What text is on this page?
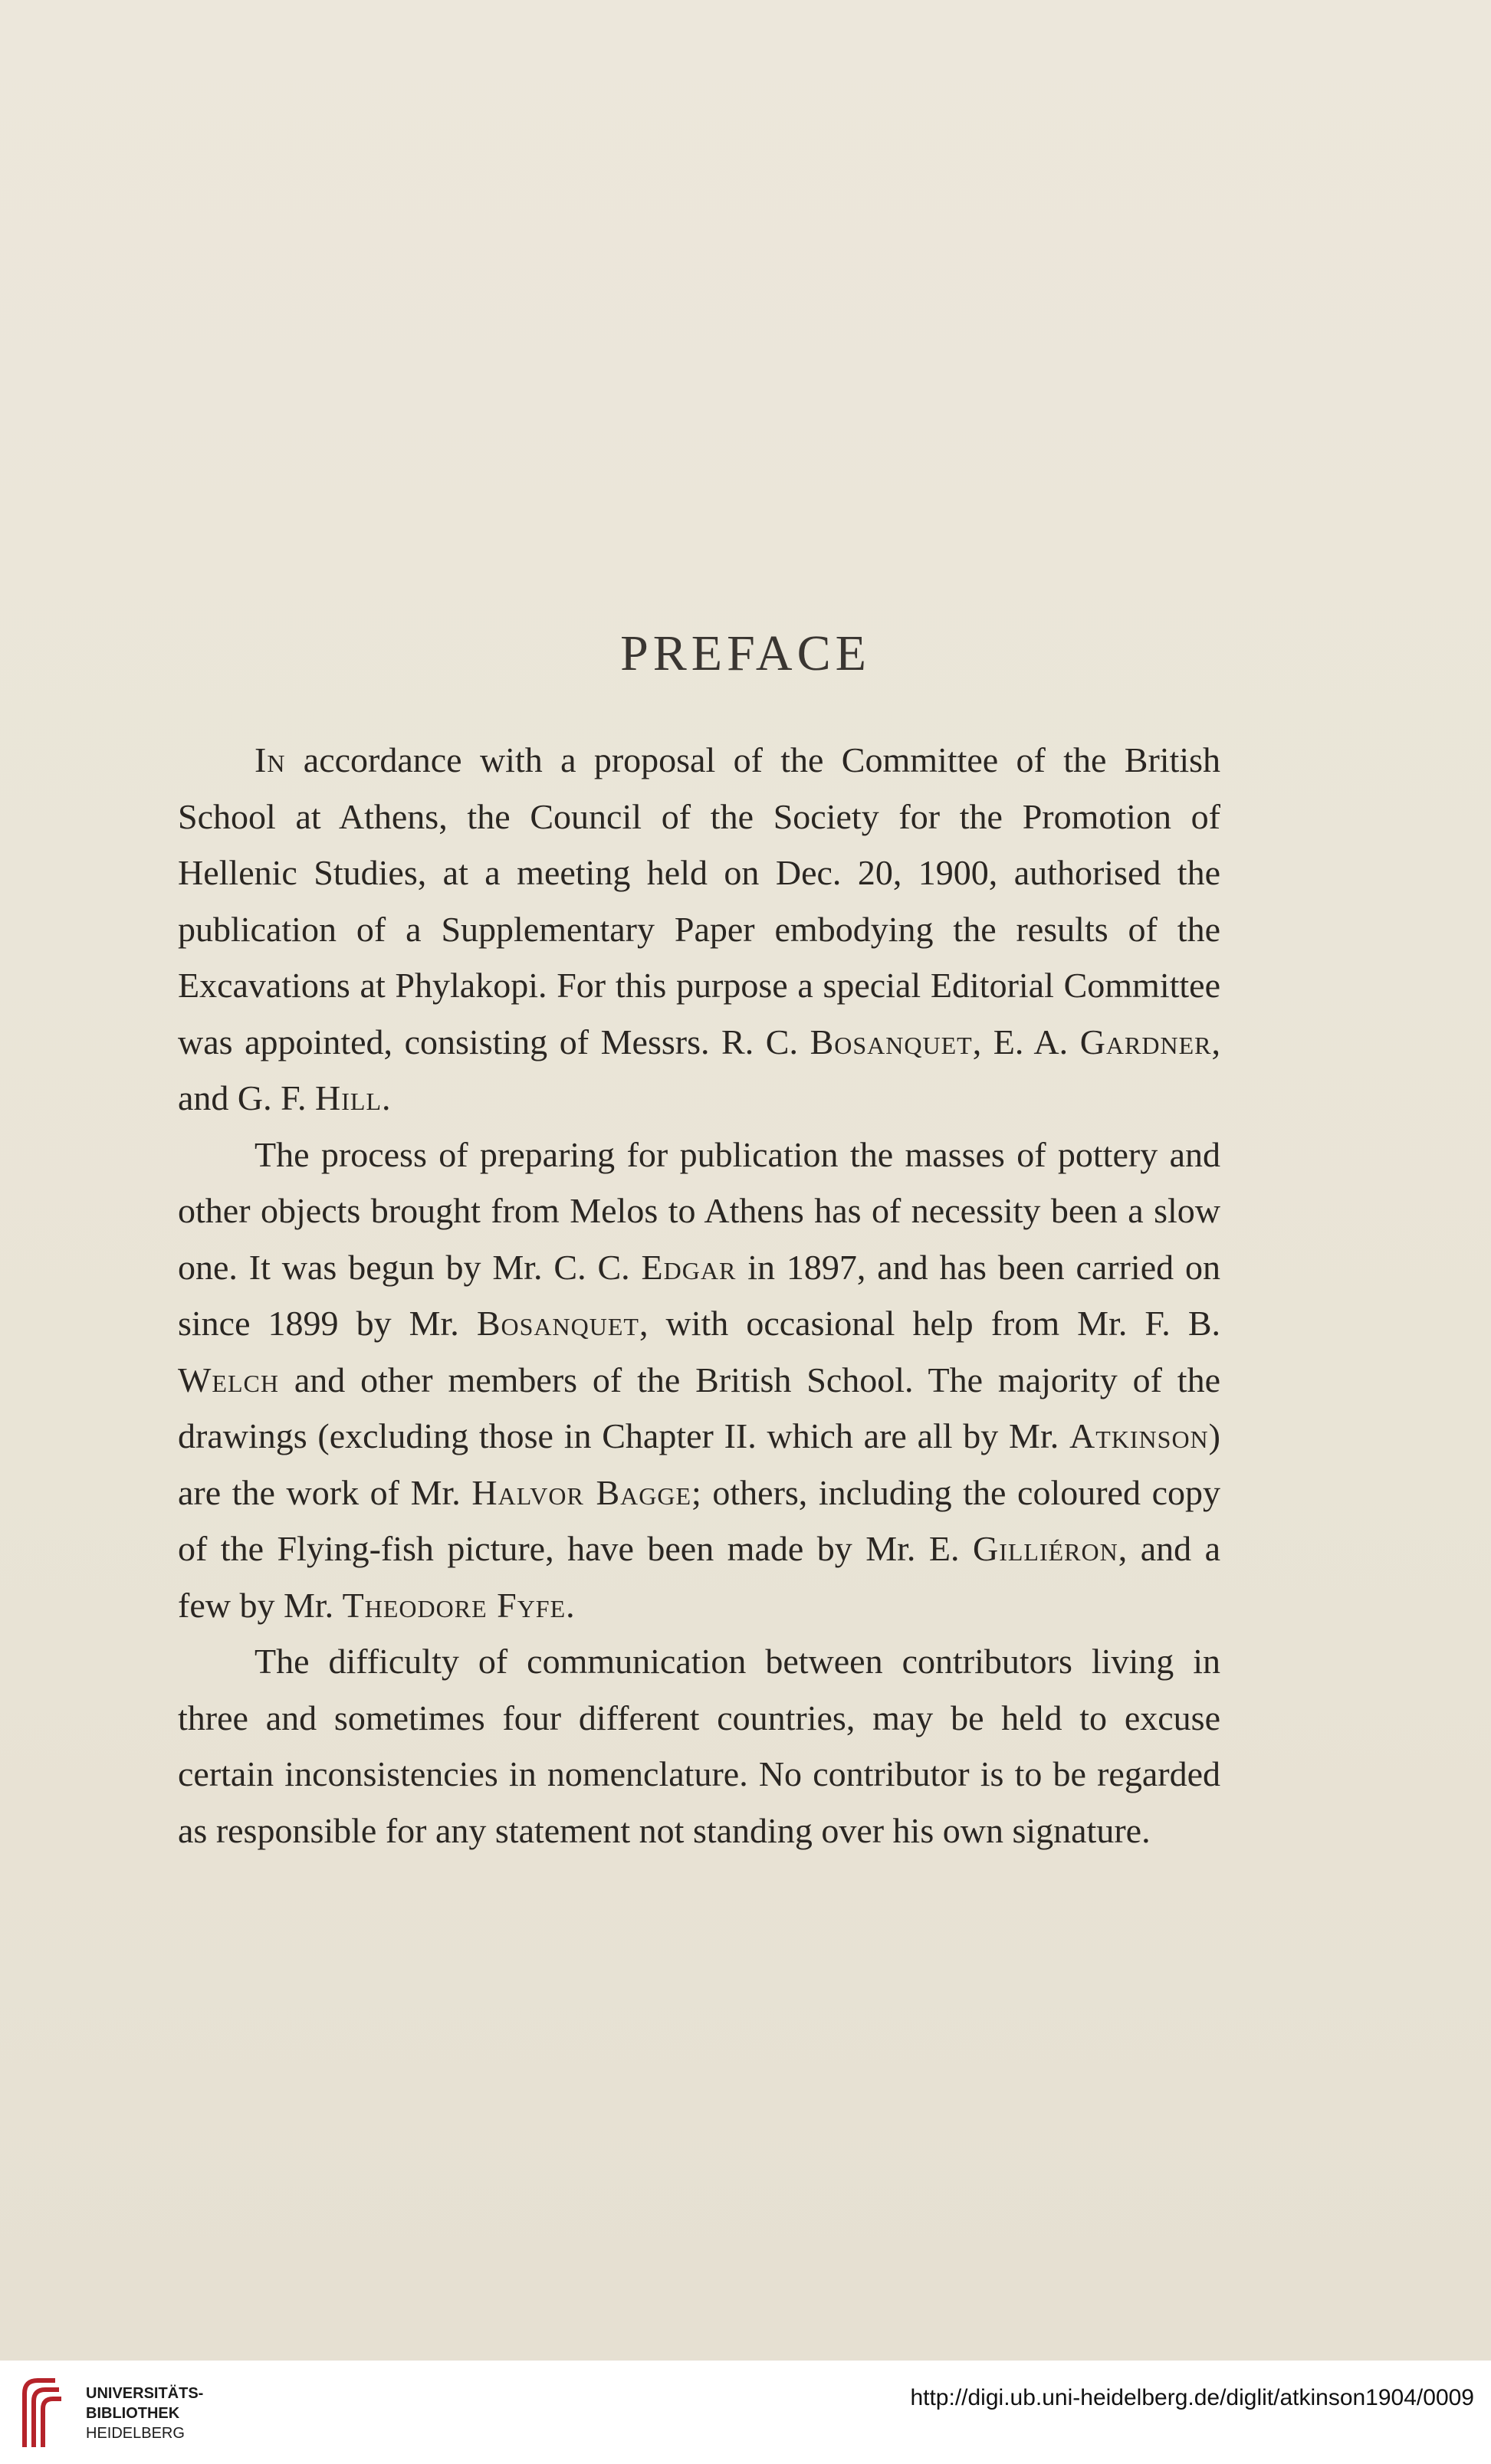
PREFACE

In accordance with a proposal of the Committee of the British School at Athens, the Council of the Society for the Promotion of Hellenic Studies, at a meeting held on Dec. 20, 1900, authorised the publication of a Supplementary Paper embodying the results of the Excavations at Phylakopi. For this purpose a special Editorial Committee was appointed, consisting of Messrs. R. C. Bosanquet, E. A. Gardner, and G. F. Hill.

The process of preparing for publication the masses of pottery and other objects brought from Melos to Athens has of necessity been a slow one. It was begun by Mr. C. C. Edgar in 1897, and has been carried on since 1899 by Mr. Bosanquet, with occasional help from Mr. F. B. Welch and other members of the British School. The majority of the drawings (excluding those in Chapter II. which are all by Mr. Atkinson) are the work of Mr. Halvor Bagge; others, including the coloured copy of the Flying-fish picture, have been made by Mr. E. Gilliéron, and a few by Mr. Theodore Fyfe.

The difficulty of communication between contributors living in three and sometimes four different countries, may be held to excuse certain inconsistencies in nomenclature. No contributor is to be regarded as responsible for any statement not standing over his own signature.

UNIVERSITÄTS-
BIBLIOTHEK
HEIDELBERG
http://digi.ub.uni-heidelberg.de/diglit/atkinson1904/0009
